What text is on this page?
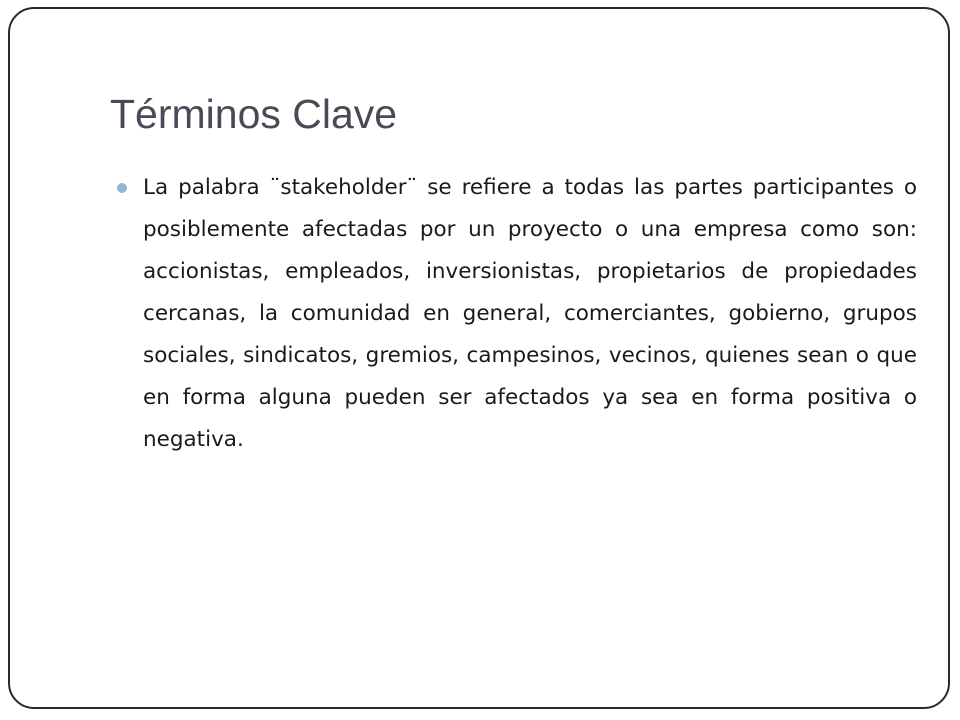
Términos Clave
La palabra ¨stakeholder¨ se refiere a todas las partes participantes o posiblemente afectadas por un proyecto o una empresa como son: accionistas, empleados, inversionistas, propietarios de propiedades cercanas, la comunidad en general, comerciantes, gobierno, grupos sociales, sindicatos, gremios, campesinos, vecinos, quienes sean o que en forma alguna pueden ser afectados ya sea en forma positiva o negativa.
